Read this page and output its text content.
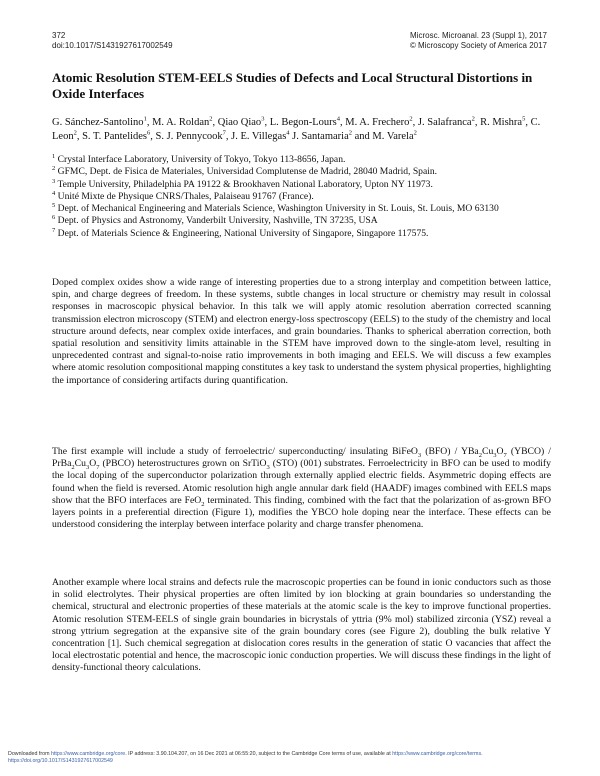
372
doi:10.1017/S1431927617002549
Microsc. Microanal. 23 (Suppl 1), 2017
© Microscopy Society of America 2017
Atomic Resolution STEM-EELS Studies of Defects and Local Structural Distortions in Oxide Interfaces

G. Sánchez-Santolino$^1$, M. A. Roldan$^2$, Qiao Qiao$^3$, L. Begon-Lours$^4$, M. A. Frechero$^2$, J. Salafranca$^2$, R. Mishra$^5$, C. Leon$^2$, S. T. Pantelides$^6$, S. J. Pennycook$^7$, J. E. Villegas$^4$ J. Santamaria$^2$ and M. Varela$^2$

$^1$ Crystal Interface Laboratory, University of Tokyo, Tokyo 113-8656, Japan.
$^2$ GFMC, Dept. de Fisica de Materiales, Universidad Complutense de Madrid, 28040 Madrid, Spain.
$^3$ Temple University, Philadelphia PA 19122 & Brookhaven National Laboratory, Upton NY 11973.
$^4$ Unité Mixte de Physique CNRS/Thales, Palaiseau 91767 (France).
$^5$ Dept. of Mechanical Engineering and Materials Science, Washington University in St. Louis, St. Louis, MO 63130
$^6$ Dept. of Physics and Astronomy, Vanderbilt University, Nashville, TN 37235, USA
$^7$ Dept. of Materials Science & Engineering, National University of Singapore, Singapore 117575.

Doped complex oxides show a wide range of interesting properties due to a strong interplay and competition between lattice, spin, and charge degrees of freedom. In these systems, subtle changes in local structure or chemistry may result in colossal responses in macroscopic physical behavior. In this talk we will apply atomic resolution aberration corrected scanning transmission electron microscopy (STEM) and electron energy-loss spectroscopy (EELS) to the study of the chemistry and local structure around defects, near complex oxide interfaces, and grain boundaries. Thanks to spherical aberration correction, both spatial resolution and sensitivity limits attainable in the STEM have improved down to the single-atom level, resulting in unprecedented contrast and signal-to-noise ratio improvements in both imaging and EELS. We will discuss a few examples where atomic resolution compositional mapping constitutes a key task to understand the system physical properties, highlighting the importance of considering artifacts during quantification.

The first example will include a study of ferroelectric/ superconducting/ insulating BiFeO$_3$ $(BFO) / YBa_2Cu_3O_7$ (YBCO) / $PrBa_2Cu_3O_7$ (PBCO) heterostructures grown on SrTiO$_3$ (STO) (001) substrates. Ferroelectricity in BFO can be used to modify the local doping of the superconductor polarization through externally applied electric fields. Asymmetric doping effects are found when the field is reversed. Atomic resolution high angle annular dark field (HAADF) images combined with EELS maps show that the BFO interfaces are FeO$_2$ terminated. This finding, combined with the fact that the polarization of as-grown BFO layers points in a preferential direction (Figure 1), modifies the YBCO hole doping near the interface. These effects can be understood considering the interplay between interface polarity and charge transfer phenomena.

Another example where local strains and defects rule the macroscopic properties can be found in ionic conductors such as those in solid electrolytes. Their physical properties are often limited by ion blocking at grain boundaries so understanding the chemical, structural and electronic properties of these materials at the atomic scale is the key to improve functional properties. Atomic resolution STEM-EELS of single grain boundaries in bicrystals of yttria (9% mol) stabilized zirconia (YSZ) reveal a strong yttrium segregation at the expansive site of the grain boundary cores (see Figure 2), doubling the bulk relative Y concentration [1]. Such chemical segregation at dislocation cores results in the generation of static O vacancies that affect the local electrostatic potential and hence, the macroscopic ionic conduction properties. We will discuss these findings in the light of density-functional theory calculations.

Downloaded from https://www.cambridge.org/core. IP address: 3.90.104.207, on 16 Dec 2021 at 06:55:20, subject to the Cambridge Core terms of use, available at https://www.cambridge.org/core/terms.
https://doi.org/10.1017/S1431927617002549
